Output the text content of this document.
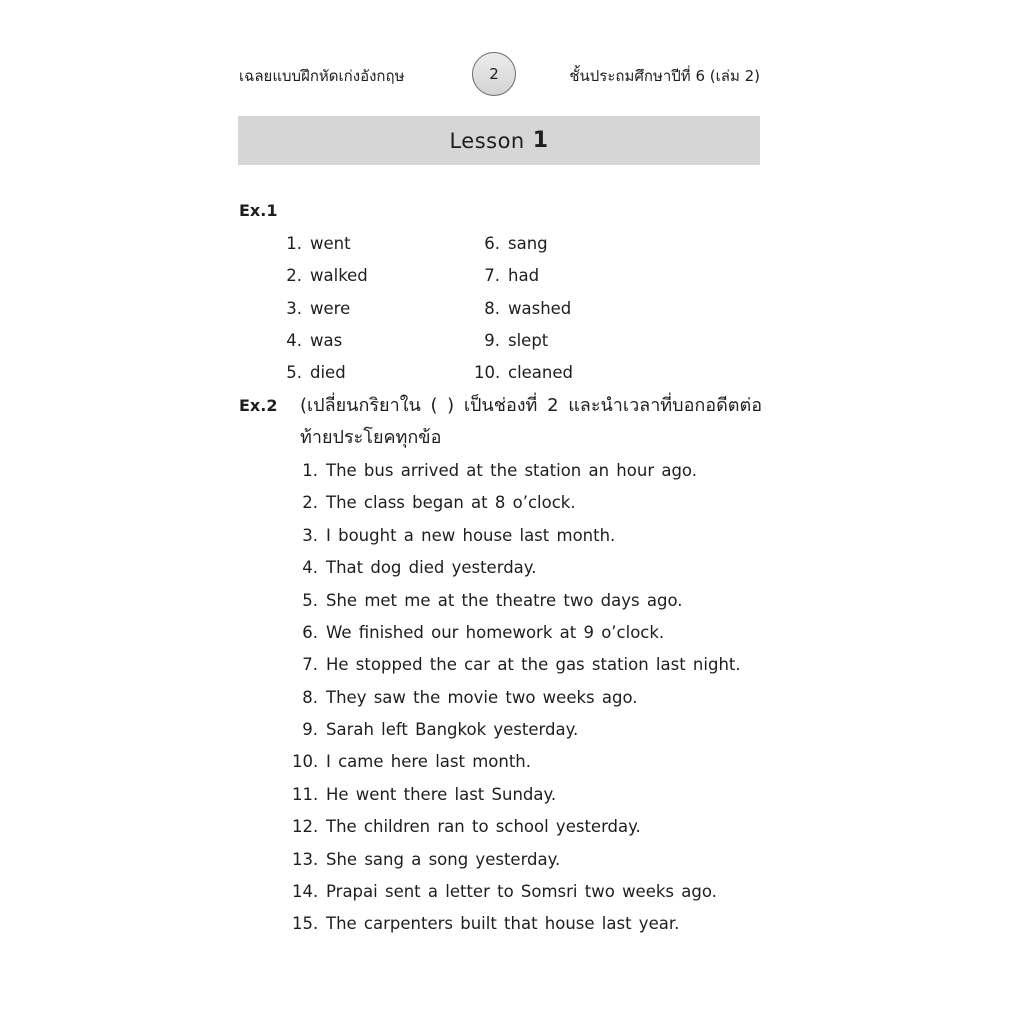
เฉลยแบบฝึกหัดเก่งอังกฤษ	2	ชั้นประถมศึกษาปีที่ 6 (เล่ม 2)
Lesson 1
Ex.1
1. went
2. walked
3. were
4. was
5. died
6. sang
7. had
8. washed
9. slept
10. cleaned
Ex.2 (เปลี่ยนกริยาใน ( ) เป็นช่องที่ 2 และนำเวลาที่บอกอดีตต่อท้ายประโยคทุกข้อ
1. The bus arrived at the station an hour ago.
2. The class began at 8 o’clock.
3. I bought a new house last month.
4. That dog died yesterday.
5. She met me at the theatre two days ago.
6. We finished our homework at 9 o’clock.
7. He stopped the car at the gas station last night.
8. They saw the movie two weeks ago.
9. Sarah left Bangkok yesterday.
10. I came here last month.
11. He went there last Sunday.
12. The children ran to school yesterday.
13. She sang a song yesterday.
14. Prapai sent a letter to Somsri two weeks ago.
15. The carpenters built that house last year.
